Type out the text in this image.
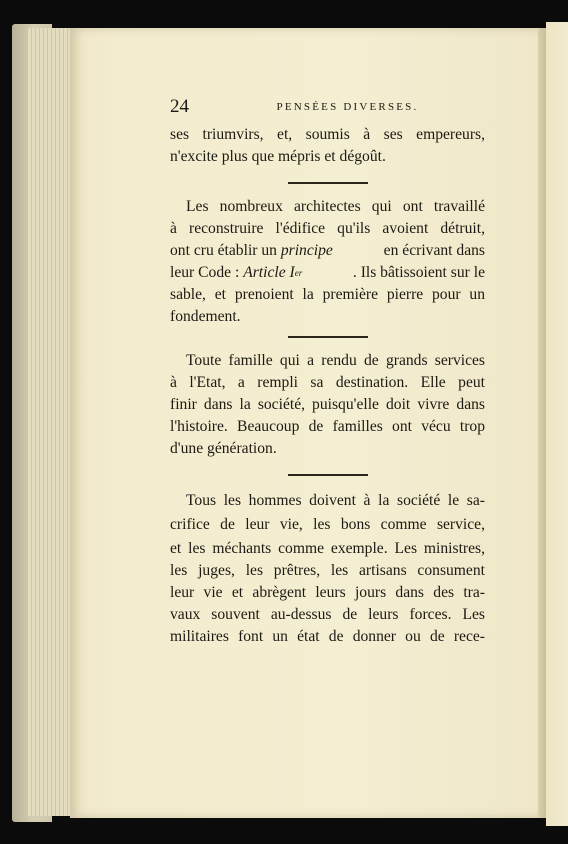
24	PENSÉES DIVERSES.
ses triumvirs, et, soumis à ses empereurs,
n'excite plus que mépris et dégoût.
Les nombreux architectes qui ont travaillé
à reconstruire l'édifice qu'ils avoient détruit,
ont cru établir un principe	en écrivant dans
leur Code : Article I er	. Ils bâtissoient sur le
sable, et prenoient la première pierre pour un
fondement.
Toute famille qui a rendu de grands services
à l'Etat, a rempli sa destination. Elle peut
finir dans la société, puisqu'elle doit vivre dans
l'histoire. Beaucoup de familles ont vécu trop
d'une génération.
Tous les hommes doivent à la société le sa-
crifice de leur vie, les bons comme service,
et les méchants comme exemple. Les ministres,
les juges, les prêtres, les artisans consument
leur vie et abrègent leurs jours dans des tra-
vaux souvent au-dessus de leurs forces. Les
militaires font un état de donner ou de rece-
